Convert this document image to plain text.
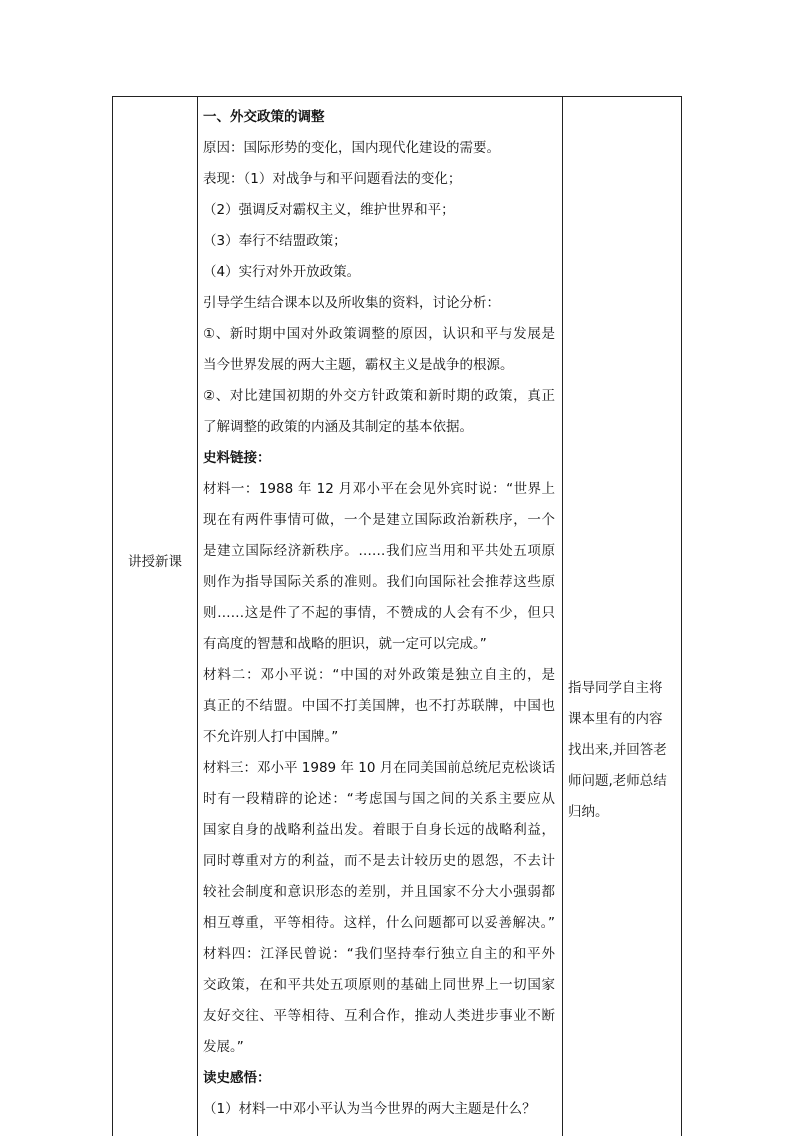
讲授新课
一、外交政策的调整
原因：国际形势的变化，国内现代化建设的需要。
表现：（1）对战争与和平问题看法的变化；
（2）强调反对霸权主义，维护世界和平；
（3）奉行不结盟政策；
（4）实行对外开放政策。
引导学生结合课本以及所收集的资料，讨论分析：
①、新时期中国对外政策调整的原因，认识和平与发展是
当今世界发展的两大主题，霸权主义是战争的根源。
②、对比建国初期的外交方针政策和新时期的政策，真正
了解调整的政策的内涵及其制定的基本依据。
史料链接：
材料一：1988 年 12 月邓小平在会见外宾时说：“世界上
现在有两件事情可做，一个是建立国际政治新秩序，一个
是建立国际经济新秩序。……我们应当用和平共处五项原
则作为指导国际关系的准则。我们向国际社会推荐这些原
则……这是件了不起的事情，不赞成的人会有不少，但只
有高度的智慧和战略的胆识，就一定可以完成。”
材料二：邓小平说：“中国的对外政策是独立自主的，是
真正的不结盟。中国不打美国牌，也不打苏联牌，中国也
不允许别人打中国牌。”
材料三：邓小平 1989 年 10 月在同美国前总统尼克松谈话
时有一段精辟的论述：“考虑国与国之间的关系主要应从
国家自身的战略利益出发。着眼于自身长远的战略利益，
同时尊重对方的利益，而不是去计较历史的恩怨，不去计
较社会制度和意识形态的差别，并且国家不分大小强弱都
相互尊重，平等相待。这样，什么问题都可以妥善解决。”
材料四：江泽民曾说：“我们坚持奉行独立自主的和平外
交政策，在和平共处五项原则的基础上同世界上一切国家
友好交往、平等相待、互利合作，推动人类进步事业不断
发展。”
读史感悟：
（1）材料一中邓小平认为当今世界的两大主题是什么？
指导同学自主将
课本里有的内容
找出来,并回答老
师问题,老师总结
归纳。
